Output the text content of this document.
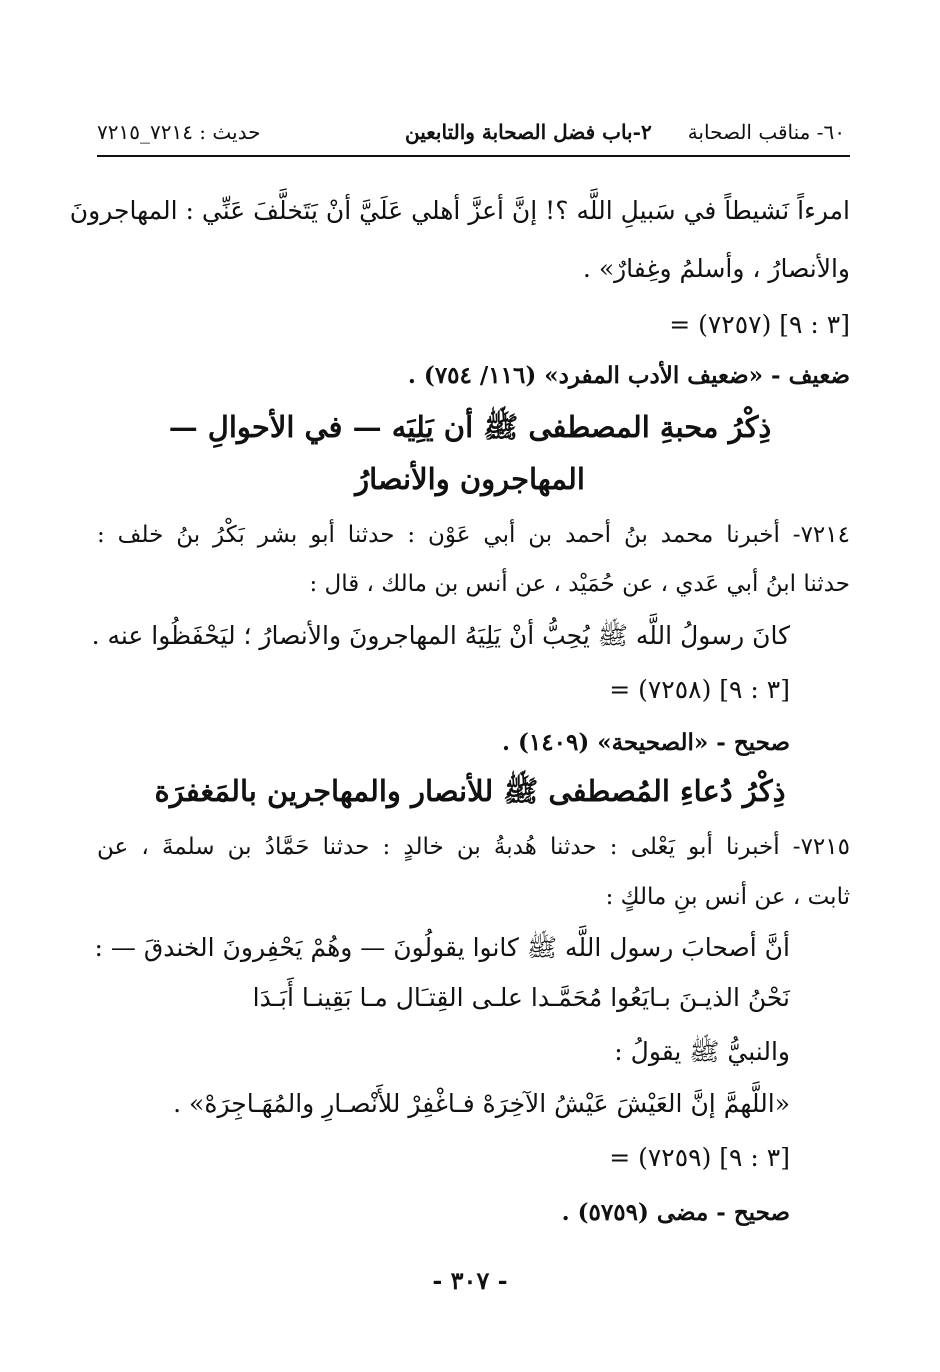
٦٠- مناقب الصحابة
٢-باب فضل الصحابة والتابعين
حديث : ٧٢١٤_٧٢١٥
امرءاً نَشيطاً في سَبيلِ اللَّه ؟! إنَّ أعزَّ أهلي عَلَيَّ أنْ يَتَخلَّفَ عَنِّي : المهاجرونَ
والأنصارُ ، وأسلمُ وغِفارٌ» .
= (٧٢٥٧) [٣ : ٩]
ضعيف - «ضعيف الأدب المفرد» (١١٦/ ٧٥٤) .
ذِكْرُ محبةِ المصطفى ﷺ أن يَلِيَه — في الأحوالِ —
المهاجرون والأنصارُ
٧٢١٤- أخبرنا محمد بنُ أحمد بن أبي عَوْن : حدثنا أبو بشر بَكْرُ بنُ خلف :
حدثنا ابنُ أبي عَدي ، عن حُمَيْد ، عن أنس بن مالك ، قال :
كانَ رسولُ اللَّه ﷺ يُحِبُّ أنْ يَلِيَهُ المهاجرونَ والأنصارُ ؛ ليَحْفَظُوا عنه .
= (٧٢٥٨) [٣ : ٩]
صحيح - «الصحيحة» (١٤٠٩) .
ذِكْرُ دُعاءِ المُصطفى ﷺ للأنصار والمهاجرين بالمَغفرَة
٧٢١٥- أخبرنا أبو يَعْلى : حدثنا هُدبةُ بن خالدٍ : حدثنا حَمَّادُ بن سلمةَ ، عن
ثابت ، عن أنس بنِ مالكٍ :
أنَّ أصحابَ رسول اللَّه ﷺ كانوا يقولُونَ — وهُمْ يَحْفِرونَ الخندقَ — :
نَحْنُ الذيـنَ بـايَعُوا مُحَمَّـدا علـى القِتـَال مـا بَقِينـا أَبَـدَا
والنبيُّ ﷺ يقولُ :
«اللَّهمَّ إنَّ العَيْشَ عَيْشُ الآخِرَهْ فـاغْفِرْ للأَنْصـارِ والمُهَـاجِرَهْ» .
= (٧٢٥٩) [٣ : ٩]
صحيح - مضى (٥٧٥٩) .
- ٣٠٧ -
